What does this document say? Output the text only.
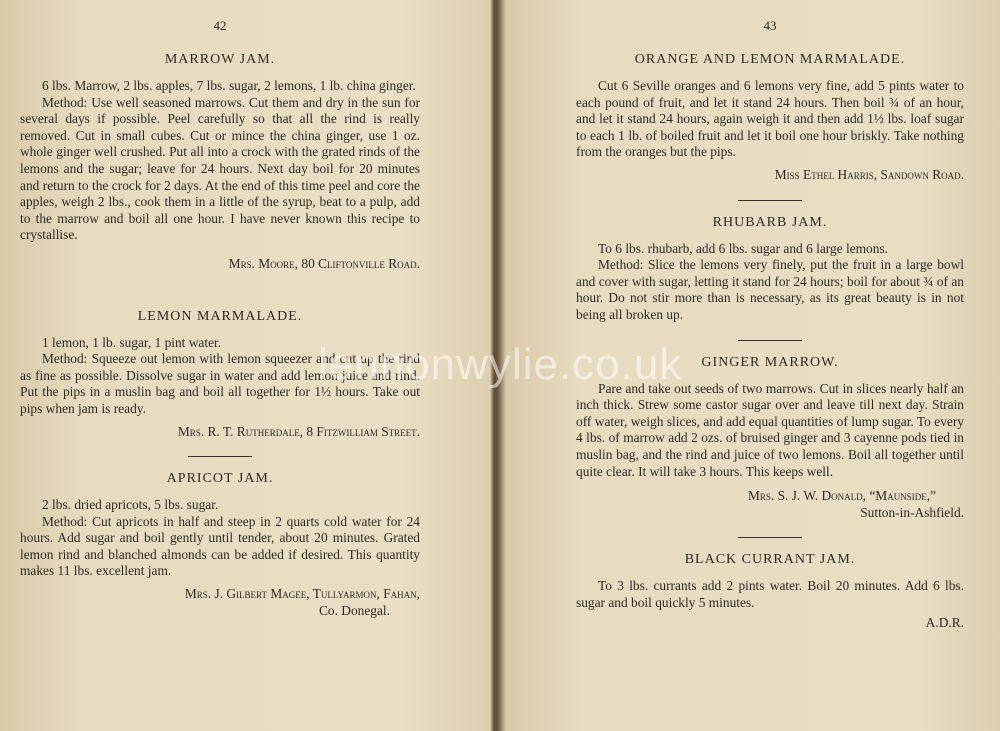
42
MARROW JAM.

6 lbs. Marrow, 2 lbs. apples, 7 lbs. sugar, 2 lemons, 1 lb. china ginger.

Method: Use well seasoned marrows. Cut them and dry in the sun for several days if possible. Peel carefully so that all the rind is really removed. Cut in small cubes. Cut or mince the china ginger, use 1 oz. whole ginger well crushed. Put all into a crock with the grated rinds of the lemons and the sugar; leave for 24 hours. Next day boil for 20 minutes and return to the crock for 2 days. At the end of this time peel and core the apples, weigh 2 lbs., cook them in a little of the syrup, beat to a pulp, add to the marrow and boil all one hour. I have never known this recipe to crystallise.

Mrs. Moore, 80 Cliftonville Road.
LEMON MARMALADE.

1 lemon, 1 lb. sugar, 1 pint water.

Method: Squeeze out lemon with lemon squeezer and cut up the rind as fine as possible. Dissolve sugar in water and add lemon juice and rind. Put the pips in a muslin bag and boil all together for 1½ hours. Take out pips when jam is ready.

Mrs. R. T. Rutherdale, 8 Fitzwilliam Street.
APRICOT JAM.

2 lbs. dried apricots, 5 lbs. sugar.

Method: Cut apricots in half and steep in 2 quarts cold water for 24 hours. Add sugar and boil gently until tender, about 20 minutes. Grated lemon rind and blanched almonds can be added if desired. This quantity makes 11 lbs. excellent jam.

Mrs. J. Gilbert Magee, Tullyarmon, Fahan,
Co. Donegal.
43
ORANGE AND LEMON MARMALADE.

Cut 6 Seville oranges and 6 lemons very fine, add 5 pints water to each pound of fruit, and let it stand 24 hours. Then boil ¾ of an hour, and let it stand 24 hours, again weigh it and then add 1½ lbs. loaf sugar to each 1 lb. of boiled fruit and let it boil one hour briskly. Take nothing from the oranges but the pips.

Miss Ethel Harris, Sandown Road.
RHUBARB JAM.

To 6 lbs. rhubarb, add 6 lbs. sugar and 6 large lemons.

Method: Slice the lemons very finely, put the fruit in a large bowl and cover with sugar, letting it stand for 24 hours; boil for about ¾ of an hour. Do not stir more than is necessary, as its great beauty is in not being all broken up.

GINGER MARROW.

Pare and take out seeds of two marrows. Cut in slices nearly half an inch thick. Strew some castor sugar over and leave till next day. Strain off water, weigh slices, and add equal quantities of lump sugar. To every 4 lbs. of marrow add 2 ozs. of bruised ginger and 3 cayenne pods tied in muslin bag, and the rind and juice of two lemons. Boil all together until quite clear. It will take 3 hours. This keeps well.

Mrs. S. J. W. Donald, “Maunside,”
Sutton-in-Ashfield.
BLACK CURRANT JAM.

To 3 lbs. currants add 2 pints water. Boil 20 minutes. Add 6 lbs. sugar and boil quickly 5 minutes.

A.D.R.
lennonwylie.co.uk
